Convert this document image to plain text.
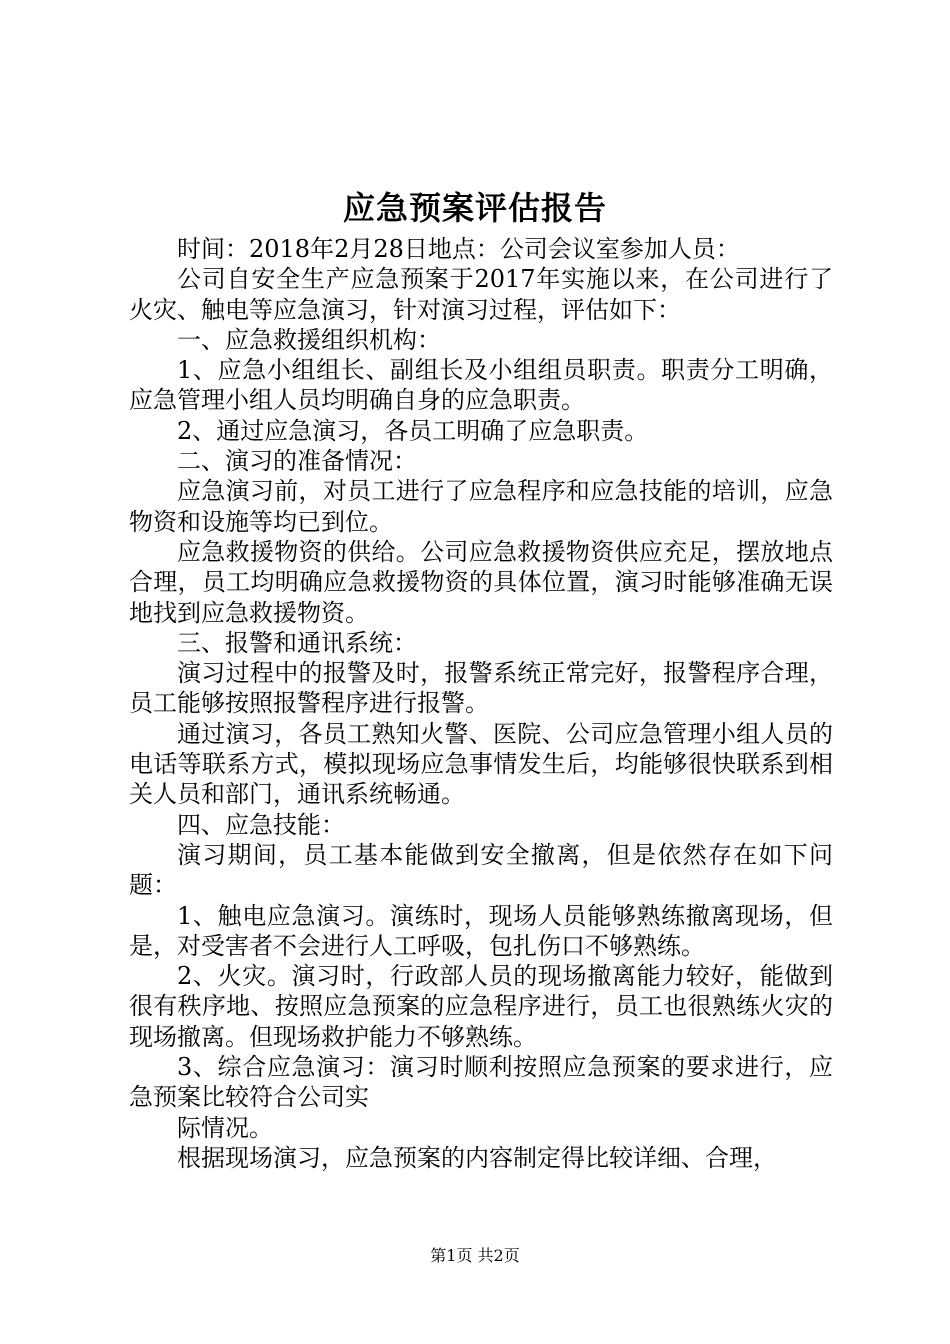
应急预案评估报告

时间：2018年2月28日地点：公司会议室参加人员：

公司自安全生产应急预案于2017年实施以来，在公司进行了火灾、触电等应急演习，针对演习过程，评估如下：

一、应急救援组织机构：

1、应急小组组长、副组长及小组组员职责。职责分工明确，应急管理小组人员均明确自身的应急职责。

2、通过应急演习，各员工明确了应急职责。

二、演习的准备情况：

应急演习前，对员工进行了应急程序和应急技能的培训，应急物资和设施等均已到位。

应急救援物资的供给。公司应急救援物资供应充足，摆放地点合理，员工均明确应急救援物资的具体位置，演习时能够准确无误地找到应急救援物资。

三、报警和通讯系统：

演习过程中的报警及时，报警系统正常完好，报警程序合理，员工能够按照报警程序进行报警。

通过演习，各员工熟知火警、医院、公司应急管理小组人员的电话等联系方式，模拟现场应急事情发生后，均能够很快联系到相关人员和部门，通讯系统畅通。

四、应急技能：

演习期间，员工基本能做到安全撤离，但是依然存在如下问题：

1、触电应急演习。演练时，现场人员能够熟练撤离现场，但是，对受害者不会进行人工呼吸，包扎伤口不够熟练。

2、火灾。演习时，行政部人员的现场撤离能力较好，能做到很有秩序地、按照应急预案的应急程序进行，员工也很熟练火灾的现场撤离。但现场救护能力不够熟练。

3、综合应急演习：演习时顺利按照应急预案的要求进行，应急预案比较符合公司实

际情况。

根据现场演习，应急预案的内容制定得比较详细、合理，

第1页 共2页
